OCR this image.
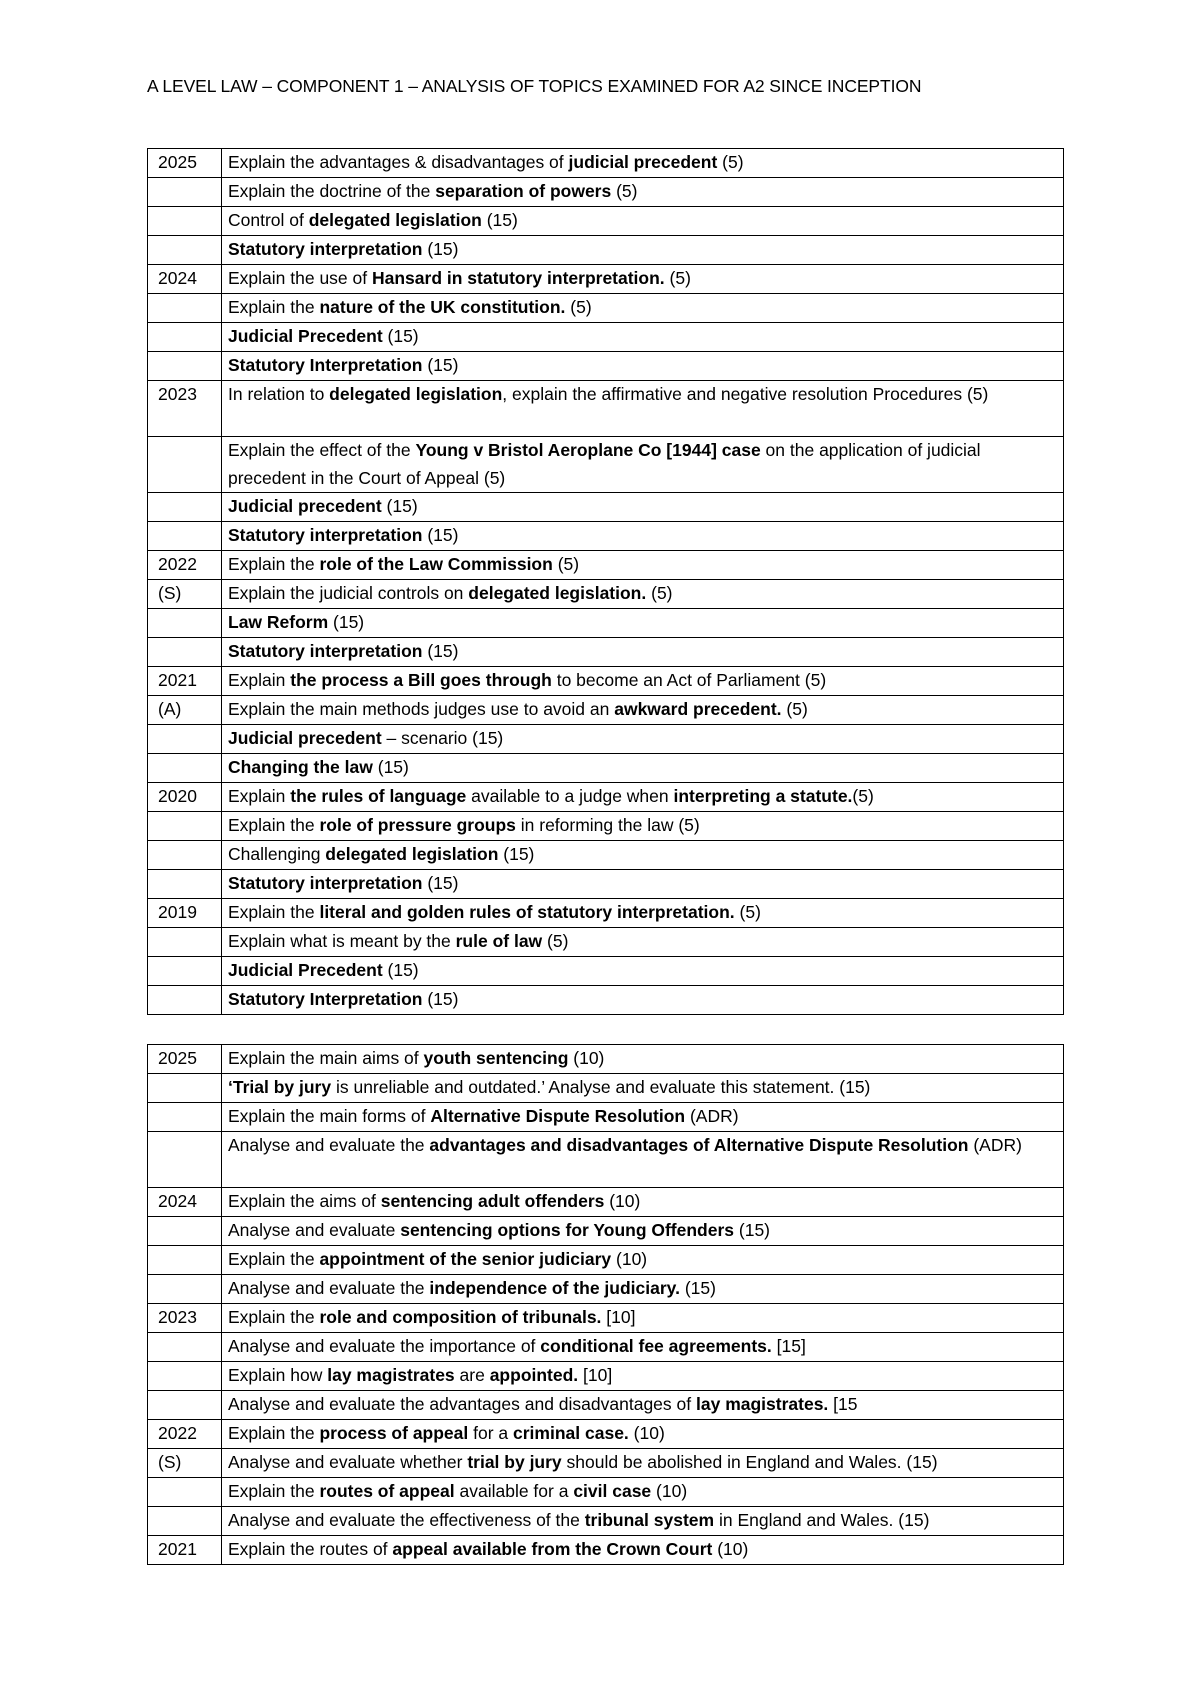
A LEVEL LAW – COMPONENT 1 – ANALYSIS OF TOPICS EXAMINED FOR A2 SINCE INCEPTION
2025	Explain the advantages & disadvantages of judicial precedent (5)
	Explain the doctrine of the separation of powers (5)
	Control of delegated legislation (15)
	Statutory interpretation (15)
2024	Explain the use of Hansard in statutory interpretation. (5)
	Explain the nature of the UK constitution. (5)
	Judicial Precedent (15)
	Statutory Interpretation (15)
2023	In relation to delegated legislation, explain the affirmative and negative resolution Procedures (5)
	Explain the effect of the Young v Bristol Aeroplane Co [1944] case on the application of judicial precedent in the Court of Appeal (5)
	Judicial precedent (15)
	Statutory interpretation (15)
2022	Explain the role of the Law Commission (5)
(S)	Explain the judicial controls on delegated legislation. (5)
	Law Reform (15)
	Statutory interpretation (15)
2021	Explain the process a Bill goes through to become an Act of Parliament (5)
(A)	Explain the main methods judges use to avoid an awkward precedent. (5)
	Judicial precedent – scenario (15)
	Changing the law (15)
2020	Explain the rules of language available to a judge when interpreting a statute.(5)
	Explain the role of pressure groups in reforming the law (5)
	Challenging delegated legislation (15)
	Statutory interpretation (15)
2019	Explain the literal and golden rules of statutory interpretation. (5)
	Explain what is meant by the rule of law (5)
	Judicial Precedent (15)
	Statutory Interpretation (15)
2025	Explain the main aims of youth sentencing (10)
	‘Trial by jury is unreliable and outdated.’ Analyse and evaluate this statement. (15)
	Explain the main forms of Alternative Dispute Resolution (ADR)
	Analyse and evaluate the advantages and disadvantages of Alternative Dispute Resolution (ADR)
2024	Explain the aims of sentencing adult offenders (10)
	Analyse and evaluate sentencing options for Young Offenders (15)
	Explain the appointment of the senior judiciary (10)
	Analyse and evaluate the independence of the judiciary. (15)
2023	Explain the role and composition of tribunals. [10]
	Analyse and evaluate the importance of conditional fee agreements. [15]
	Explain how lay magistrates are appointed. [10]
	Analyse and evaluate the advantages and disadvantages of lay magistrates. [15
2022	Explain the process of appeal for a criminal case. (10)
(S)	Analyse and evaluate whether trial by jury should be abolished in England and Wales. (15)
	Explain the routes of appeal available for a civil case (10)
	Analyse and evaluate the effectiveness of the tribunal system in England and Wales. (15)
2021	Explain the routes of appeal available from the Crown Court (10)
